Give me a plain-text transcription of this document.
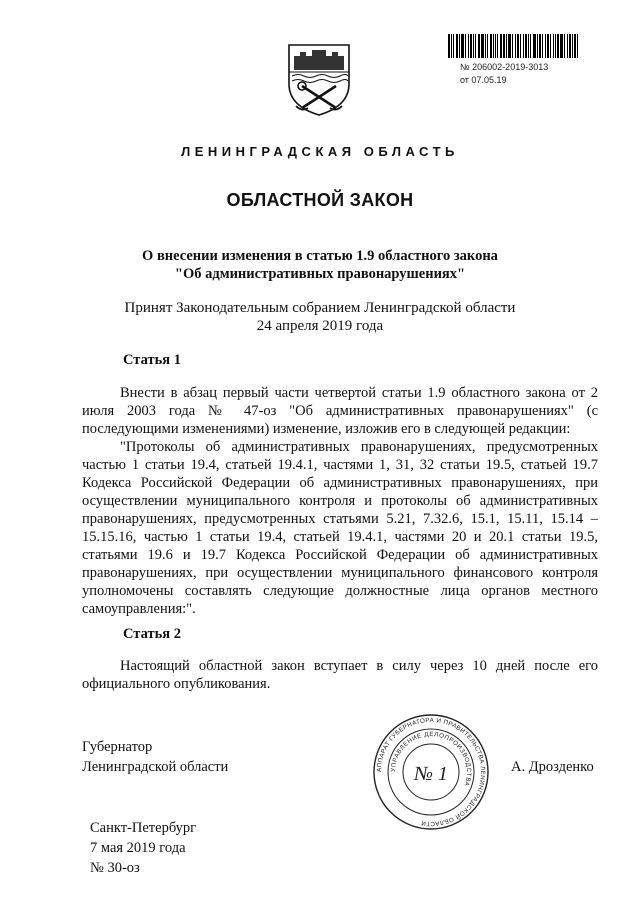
№ 206002-2019-3013
от 07.05.19
ЛЕНИНГРАДСКАЯ ОБЛАСТЬ
ОБЛАСТНОЙ ЗАКОН
О внесении изменения в статью 1.9 областного закона
"Об административных правонарушениях"
Принят Законодательным собранием Ленинградской области
24 апреля 2019 года
Статья 1

Внести в абзац первый части четвертой статьи 1.9 областного закона от 2 июля 2003 года № 47-оз "Об административных правонарушениях" (с последующими изменениями) изменение, изложив его в следующей редакции:

"Протоколы об административных правонарушениях, предусмотренных частью 1 статьи 19.4, статьей 19.4.1, частями 1, 31, 32 статьи 19.5, статьей 19.7 Кодекса Российской Федерации об административных правонарушениях, при осуществлении муниципального контроля и протоколы об административных правонарушениях, предусмотренных статьями 5.21, 7.32.6, 15.1, 15.11, 15.14 – 15.15.16, частью 1 статьи 19.4, статьей 19.4.1, частями 20 и 20.1 статьи 19.5, статьями 19.6 и 19.7 Кодекса Российской Федерации об административных правонарушениях, при осуществлении муниципального финансового контроля уполномочены составлять следующие должностные лица органов местного самоуправления:".

Статья 2

Настоящий областной закон вступает в силу через 10 дней после его официального опубликования.

Губернатор
Ленинградской области	А. Дрозденко
АППАРАТ ГУБЕРНАТОРА И ПРАВИТЕЛЬСТВА ЛЕНИНГРАДСКОЙ ОБЛАСТИ
УПРАВЛЕНИЕ ДЕЛОПРОИЗВОДСТВА
№ 1
Санкт-Петербург
7 мая 2019 года
№ 30-оз
